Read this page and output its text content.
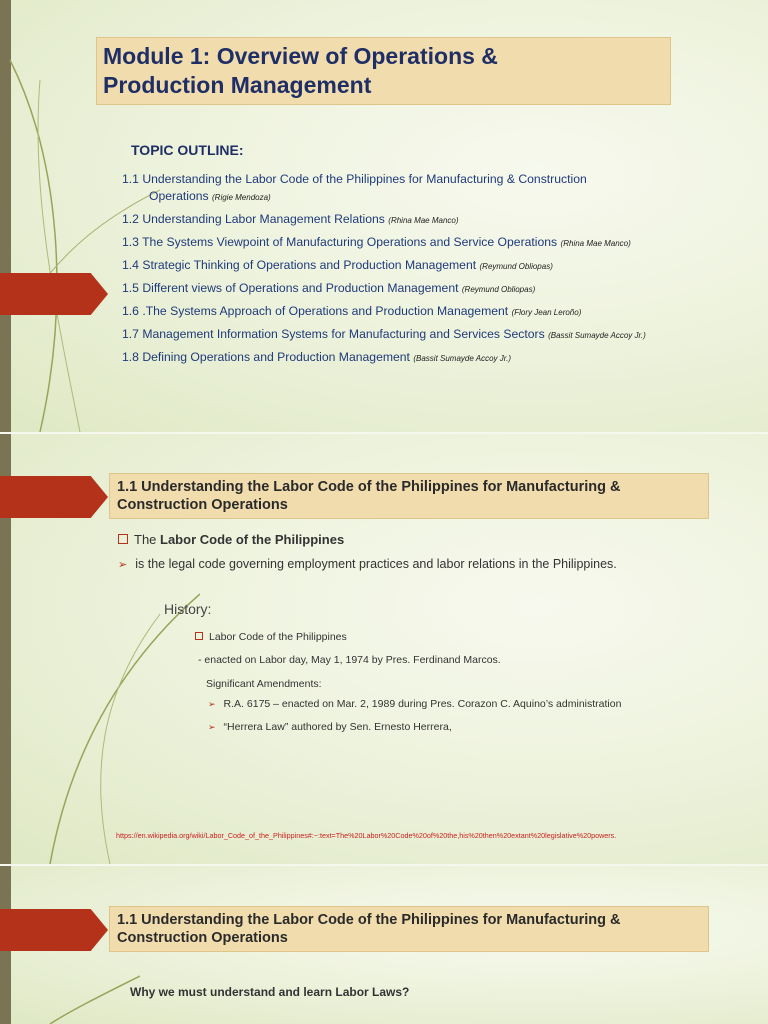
Module 1: Overview of Operations &
Production Management
TOPIC OUTLINE:
1.1 Understanding the Labor Code of the Philippines for Manufacturing & Construction
Operations (Rigie Mendoza)
1.2 Understanding Labor Management Relations (Rhina Mae Manco)
1.3 The Systems Viewpoint of Manufacturing Operations and Service Operations (Rhina Mae Manco)
1.4 Strategic Thinking of Operations and Production Management (Reymund Obliopas)
1.5 Different views of Operations and Production Management (Reymund Obliopas)
1.6 .The Systems Approach of Operations and Production Management (Flory Jean Leroño)
1.7 Management Information Systems for Manufacturing and Services Sectors (Bassit Sumayde Accoy Jr.)
1.8 Defining Operations and Production Management (Bassit Sumayde Accoy Jr.)
1.1 Understanding the Labor Code of the Philippines for Manufacturing &
Construction Operations
The Labor Code of the Philippines
➢ is the legal code governing employment practices and labor relations in the Philippines.
History:
Labor Code of the Philippines
- enacted on Labor day, May 1, 1974 by Pres. Ferdinand Marcos.
Significant Amendments:
➢ R.A. 6175 – enacted on Mar. 2, 1989 during Pres. Corazon C. Aquino’s administration
➢ “Herrera Law” authored by Sen. Ernesto Herrera,
https://en.wikipedia.org/wiki/Labor_Code_of_the_Philippines#:~:text=The%20Labor%20Code%20of%20the,his%20then%20extant%20legislative%20powers.
1.1 Understanding the Labor Code of the Philippines for Manufacturing &
Construction Operations
Why we must understand and learn Labor Laws?
